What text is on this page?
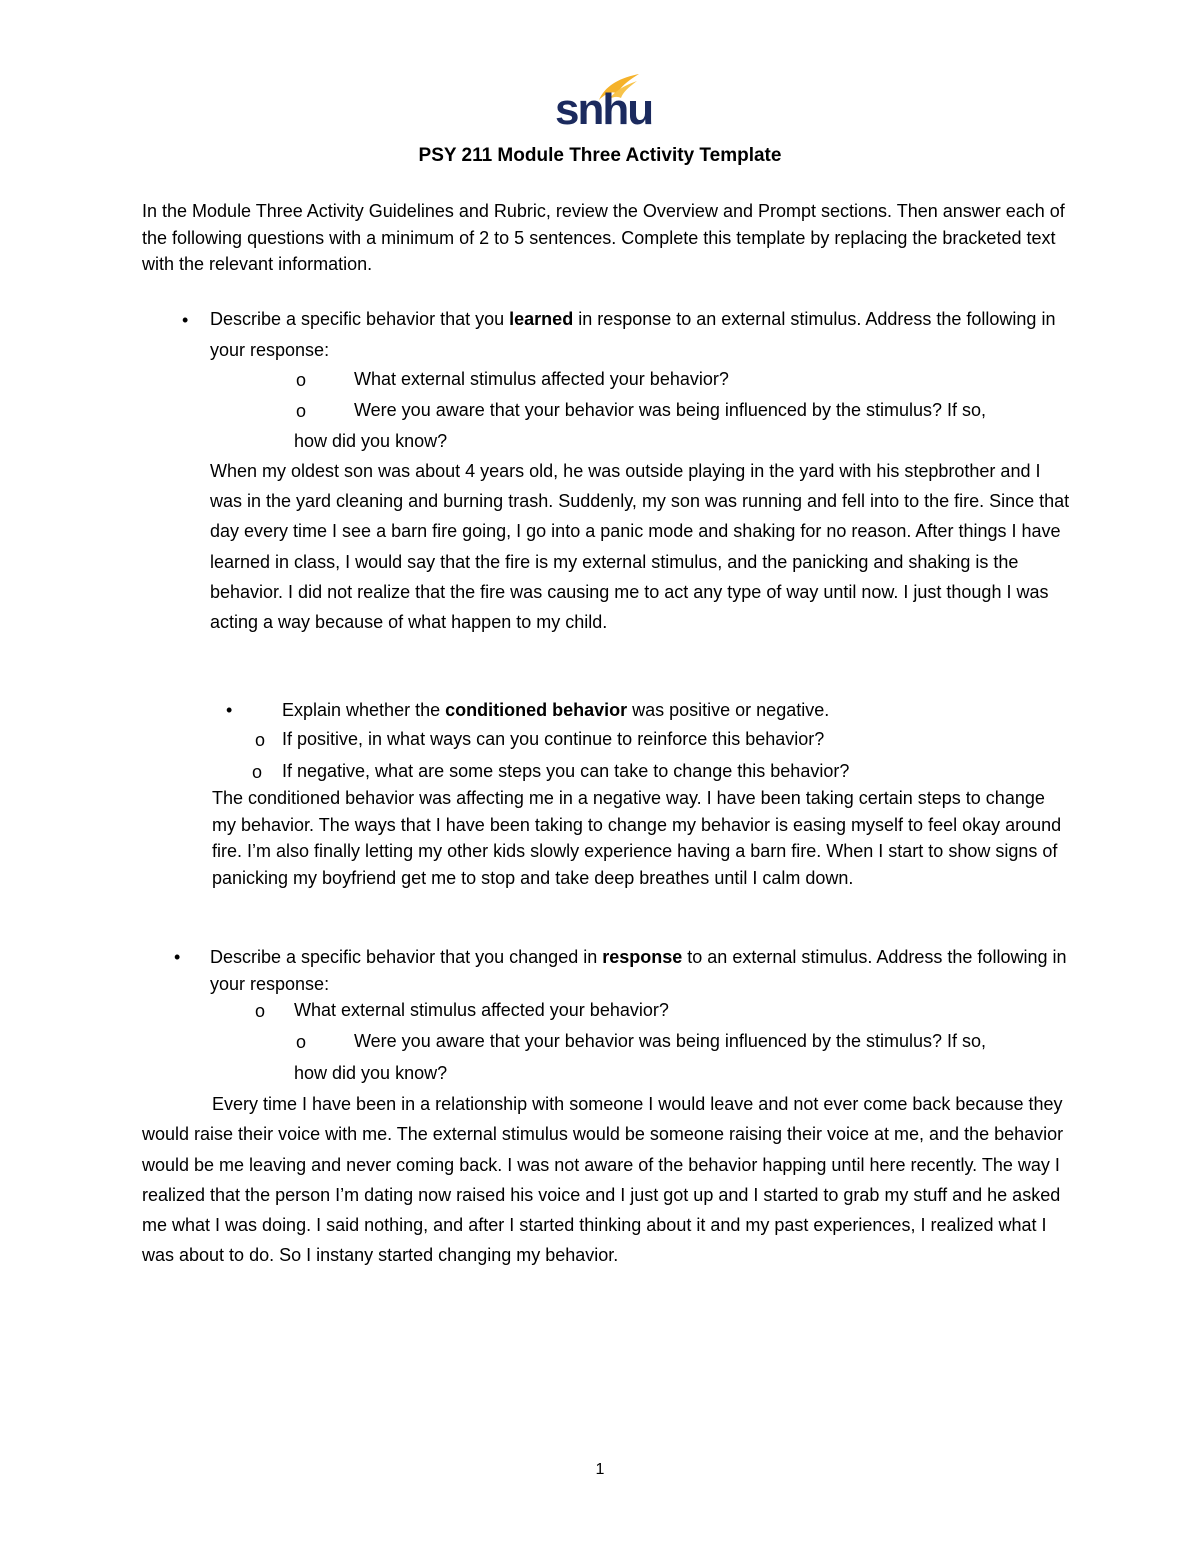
snhu
PSY 211 Module Three Activity Template
In the Module Three Activity Guidelines and Rubric, review the Overview and Prompt sections. Then answer each of the following questions with a minimum of 2 to 5 sentences. Complete this template by replacing the bracketed text with the relevant information.
• Describe a specific behavior that you learned in response to an external stimulus. Address the following in your response:
o	What external stimulus affected your behavior?
o	Were you aware that your behavior was being influenced by the stimulus? If so,
how did you know?
When my oldest son was about 4 years old, he was outside playing in the yard with his stepbrother and I was in the yard cleaning and burning trash. Suddenly, my son was running and fell into to the fire. Since that day every time I see a barn fire going, I go into a panic mode and shaking for no reason. After things I have learned in class, I would say that the fire is my external stimulus, and the panicking and shaking is the behavior. I did not realize that the fire was causing me to act any type of way until now. I just though I was acting a way because of what happen to my child.
•	Explain whether the conditioned behavior was positive or negative.
o If positive, in what ways can you continue to reinforce this behavior?
o If negative, what are some steps you can take to change this behavior?
The conditioned behavior was affecting me in a negative way. I have been taking certain steps to change my behavior. The ways that I have been taking to change my behavior is easing myself to feel okay around fire. I’m also finally letting my other kids slowly experience having a barn fire. When I start to show signs of panicking my boyfriend get me to stop and take deep breathes until I calm down.
• Describe a specific behavior that you changed in response to an external stimulus. Address the following in your response:
o What external stimulus affected your behavior?
o	Were you aware that your behavior was being influenced by the stimulus? If so,
how did you know?
Every time I have been in a relationship with someone I would leave and not ever come back because they would raise their voice with me. The external stimulus would be someone raising their voice at me, and the behavior would be me leaving and never coming back. I was not aware of the behavior happing until here recently. The way I realized that the person I’m dating now raised his voice and I just got up and I started to grab my stuff and he asked me what I was doing. I said nothing, and after I started thinking about it and my past experiences, I realized what I was about to do. So I instany started changing my behavior.
1
